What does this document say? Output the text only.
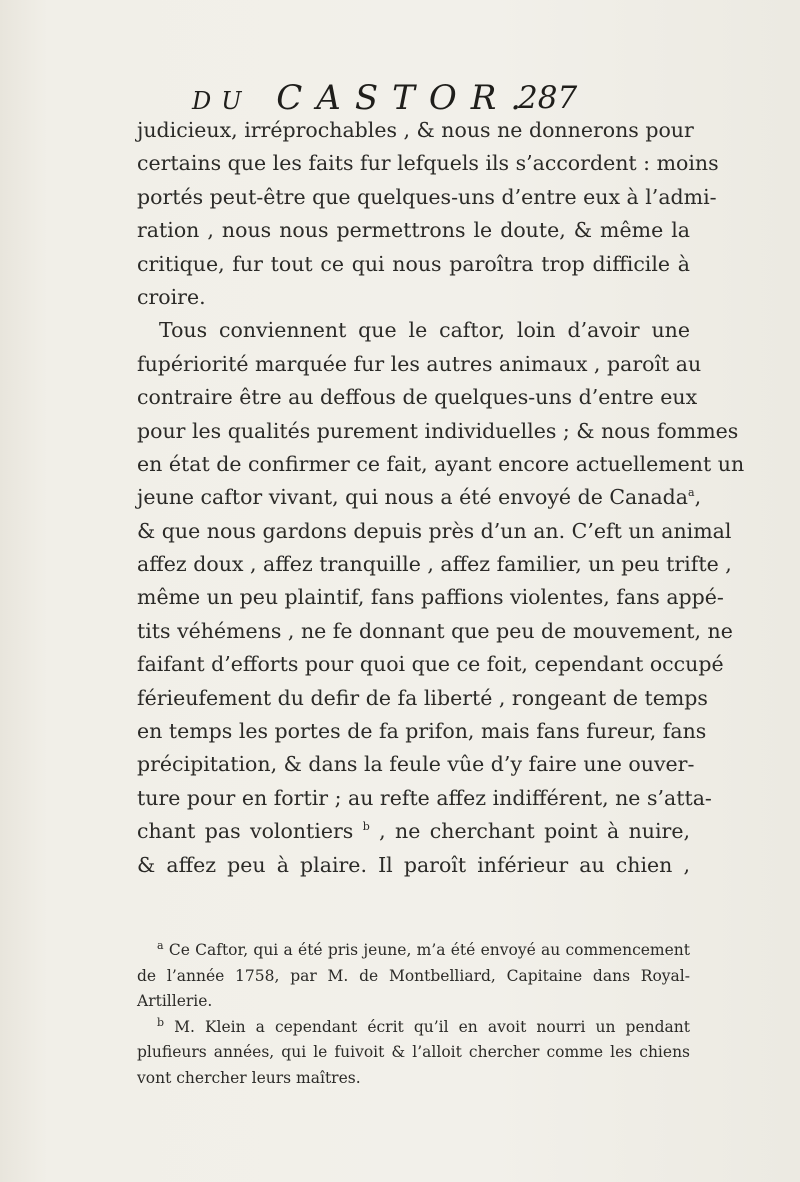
DU CASTOR.
287
judicieux, irréprochables , & nous ne donnerons pour
certains que les faits fur lefquels ils s’accordent : moins
portés peut-être que quelques-uns d’entre eux à l’admi-
ration , nous nous permettrons le doute, & même la
critique, fur tout ce qui nous paroîtra trop difficile à
croire.
Tous conviennent que le caftor, loin d’avoir une
fupériorité marquée fur les autres animaux , paroît au
contraire être au deffous de quelques-uns d’entre eux
pour les qualités purement individuelles ; & nous fommes
en état de confirmer ce fait, ayant encore actuellement un
jeune caftor vivant, qui nous a été envoyé de Canada$^a$,
& que nous gardons depuis près d’un an. C’eft un animal
affez doux , affez tranquille , affez familier, un peu trifte ,
même un peu plaintif, fans paffions violentes, fans appé-
tits véhémens , ne fe donnant que peu de mouvement, ne
faifant d’efforts pour quoi que ce foit, cependant occupé
férieufement du defir de fa liberté , rongeant de temps
en temps les portes de fa prifon, mais fans fureur, fans
précipitation, & dans la feule vûe d’y faire une ouver-
ture pour en fortir ; au refte affez indifférent, ne s’atta-
chant pas volontiers $^b$ , ne cherchant point à nuire,
& affez peu à plaire. Il paroît inférieur au chien ,
$^a$ Ce Caftor, qui a été pris jeune, m’a été envoyé au commencement
de l’année 1758, par M. de Montbelliard, Capitaine dans Royal-
Artillerie.
$^b$ M. Klein a cependant écrit qu’il en avoit nourri un pendant
plufieurs années, qui le fuivoit & l’alloit chercher comme les chiens
vont chercher leurs maîtres.
